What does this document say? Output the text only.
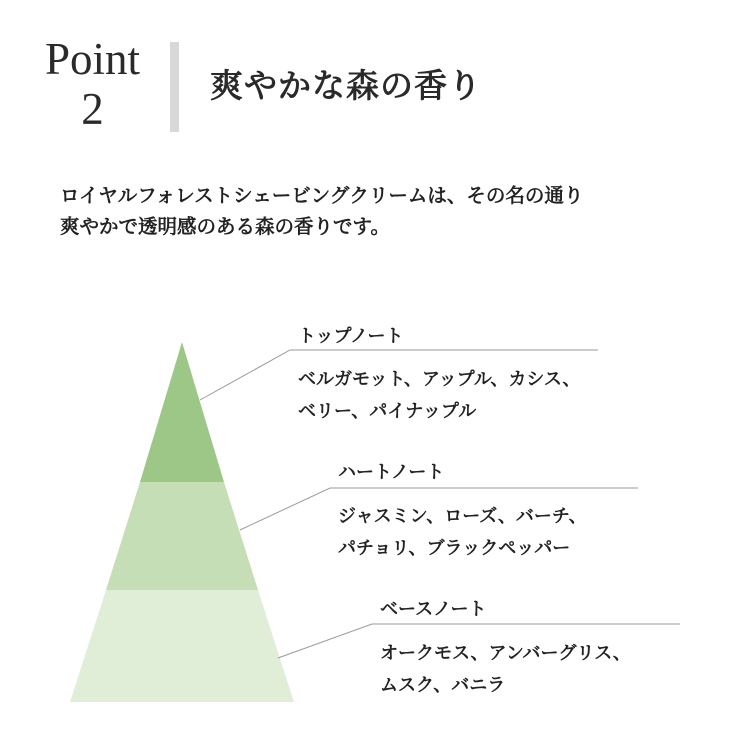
Point
2	爽やかな森の香り

ロイヤルフォレストシェービングクリームは、その名の通り

爽やかで透明感のある森の香りです。

トップノート

ベルガモット、アップル、カシス、

ベリー、パイナップル

ハートノート

ジャスミン、ローズ、バーチ、

パチョリ、ブラックペッパー

ベースノート

オークモス、アンバーグリス、

ムスク、バニラ
